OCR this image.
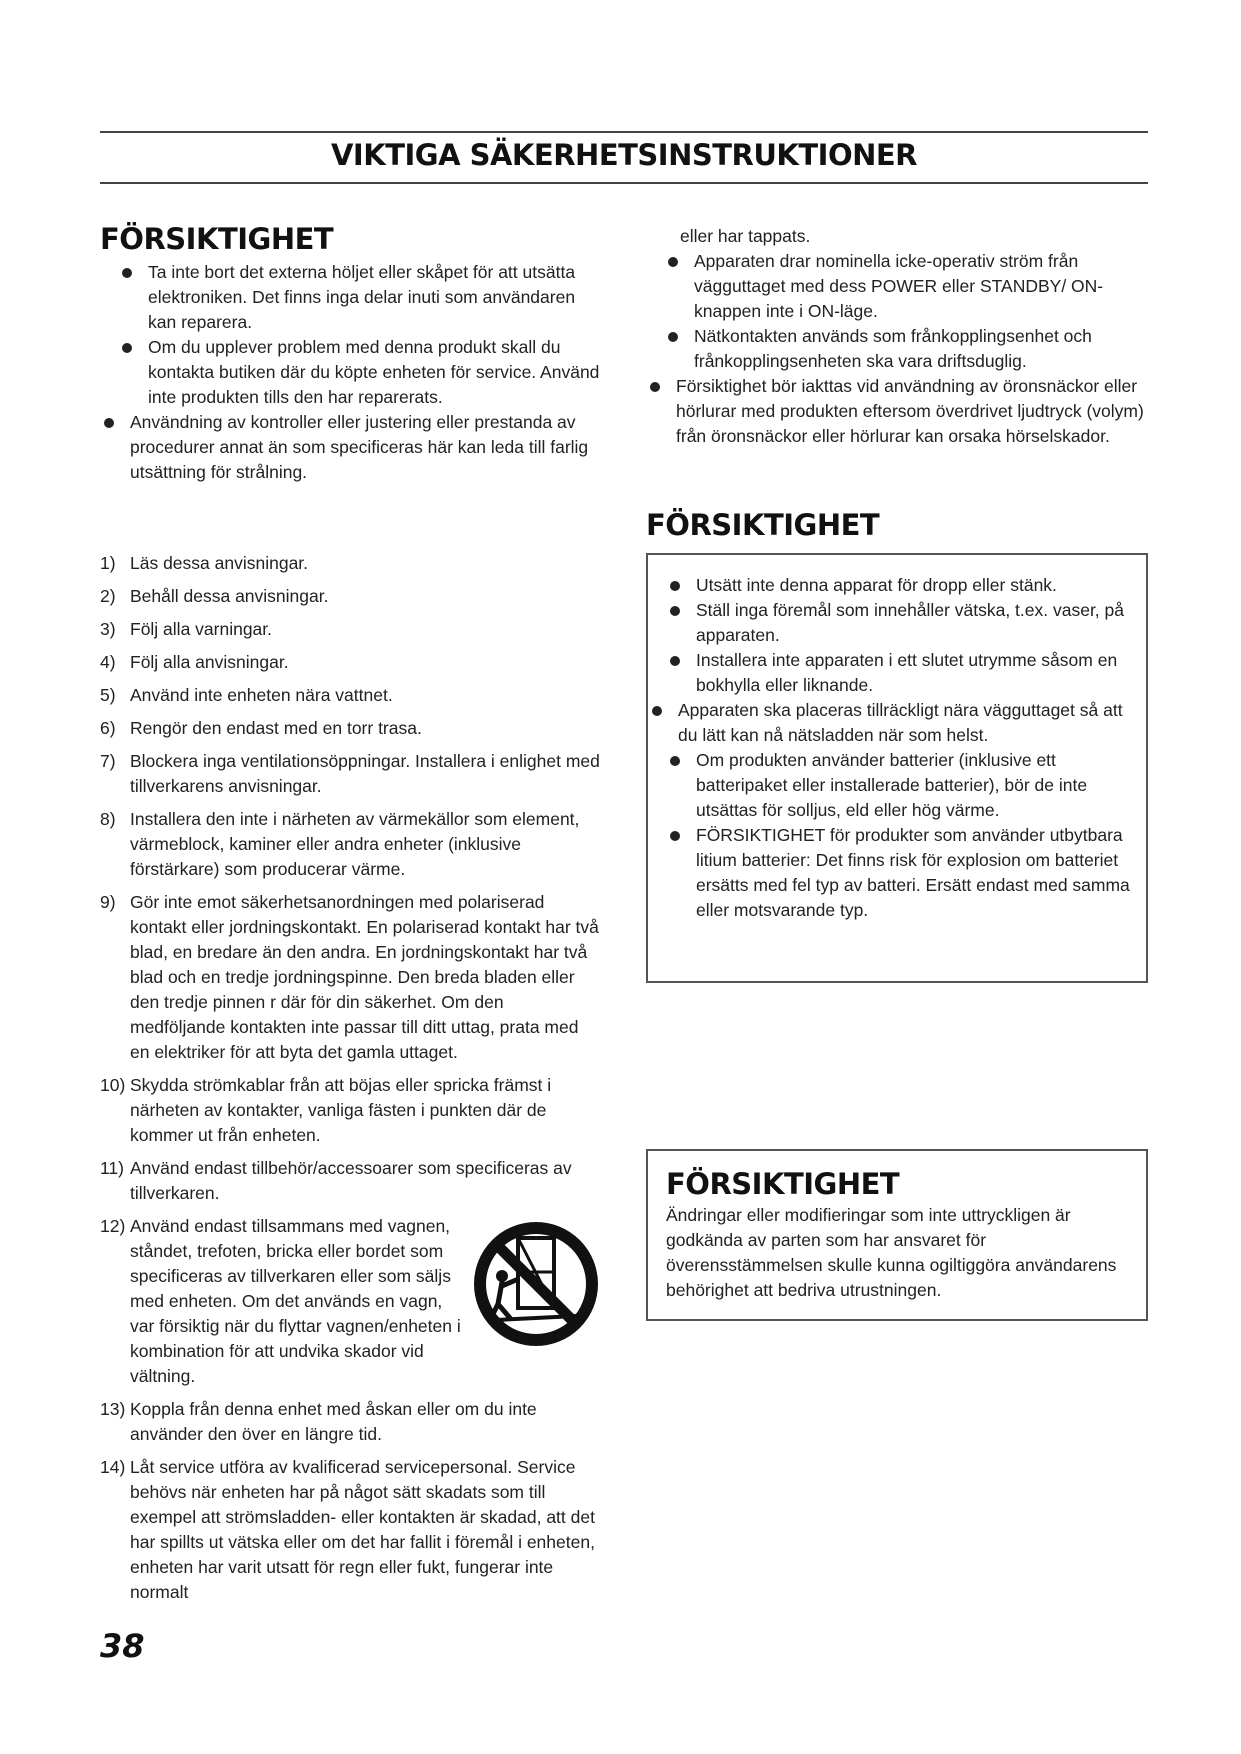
VIKTIGA SÄKERHETSINSTRUKTIONER
FÖRSIKTIGHET
Ta inte bort det externa höljet eller skåpet för att utsätta elektroniken. Det finns inga delar inuti som användaren kan reparera.
Om du upplever problem med denna produkt skall du kontakta butiken där du köpte enheten för service. Använd inte produkten tills den har reparerats.
Användning av kontroller eller justering eller prestanda av procedurer annat än som specificeras här kan leda till farlig utsättning för strålning.
1) Läs dessa anvisningar.
2) Behåll dessa anvisningar.
3) Följ alla varningar.
4) Följ alla anvisningar.
5) Använd inte enheten nära vattnet.
6) Rengör den endast med en torr trasa.
7) Blockera inga ventilationsöppningar. Installera i enlighet med tillverkarens anvisningar.
8) Installera den inte i närheten av värmekällor som element, värmeblock, kaminer eller andra enheter (inklusive förstärkare) som producerar värme.
9) Gör inte emot säkerhetsanordningen med polariserad kontakt eller jordningskontakt. En polariserad kontakt har två blad, en bredare än den andra. En jordningskontakt har två blad och en tredje jordningspinne. Den breda bladen eller den tredje pinnen r där för din säkerhet. Om den medföljande kontakten inte passar till ditt uttag, prata med en elektriker för att byta det gamla uttaget.
10) Skydda strömkablar från att böjas eller spricka främst i närheten av kontakter, vanliga fästen i punkten där de kommer ut från enheten.
11) Använd endast tillbehör/accessoarer som specificeras av tillverkaren.
12) Använd endast tillsammans med vagnen, ståndet, trefoten, bricka eller bordet som specificeras av tillverkaren eller som säljs med enheten. Om det används en vagn, var försiktig när du flyttar vagnen/enheten i kombination för att undvika skador vid vältning.
13) Koppla från denna enhet med åskan eller om du inte använder den över en längre tid.
14) Låt service utföra av kvalificerad servicepersonal. Service behövs när enheten har på något sätt skadats som till exempel att strömsladden- eller kontakten är skadad, att det har spillts ut vätska eller om det har fallit i föremål i enheten, enheten har varit utsatt för regn eller fukt, fungerar inte normalt
38
eller har tappats.
Apparaten drar nominella icke-operativ ström från vägguttaget med dess POWER eller STANDBY/ ON-knappen inte i ON-läge.
Nätkontakten används som frånkopplingsenhet och frånkopplingsenheten ska vara driftsduglig.
Försiktighet bör iakttas vid användning av öronsnäckor eller hörlurar med produkten eftersom överdrivet ljudtryck (volym) från öronsnäckor eller hörlurar kan orsaka hörselskador.
FÖRSIKTIGHET
Utsätt inte denna apparat för dropp eller stänk.
Ställ inga föremål som innehåller vätska, t.ex. vaser, på apparaten.
Installera inte apparaten i ett slutet utrymme såsom en bokhylla eller liknande.
Apparaten ska placeras tillräckligt nära vägguttaget så att du lätt kan nå nätsladden när som helst.
Om produkten använder batterier (inklusive ett batteripaket eller installerade batterier), bör de inte utsättas för solljus, eld eller hög värme.
FÖRSIKTIGHET för produkter som använder utbytbara litium batterier: Det finns risk för explosion om batteriet ersätts med fel typ av batteri. Ersätt endast med samma eller motsvarande typ.
FÖRSIKTIGHET
Ändringar eller modifieringar som inte uttryckligen är godkända av parten som har ansvaret för överensstämmelsen skulle kunna ogiltiggöra användarens behörighet att bedriva utrustningen.
